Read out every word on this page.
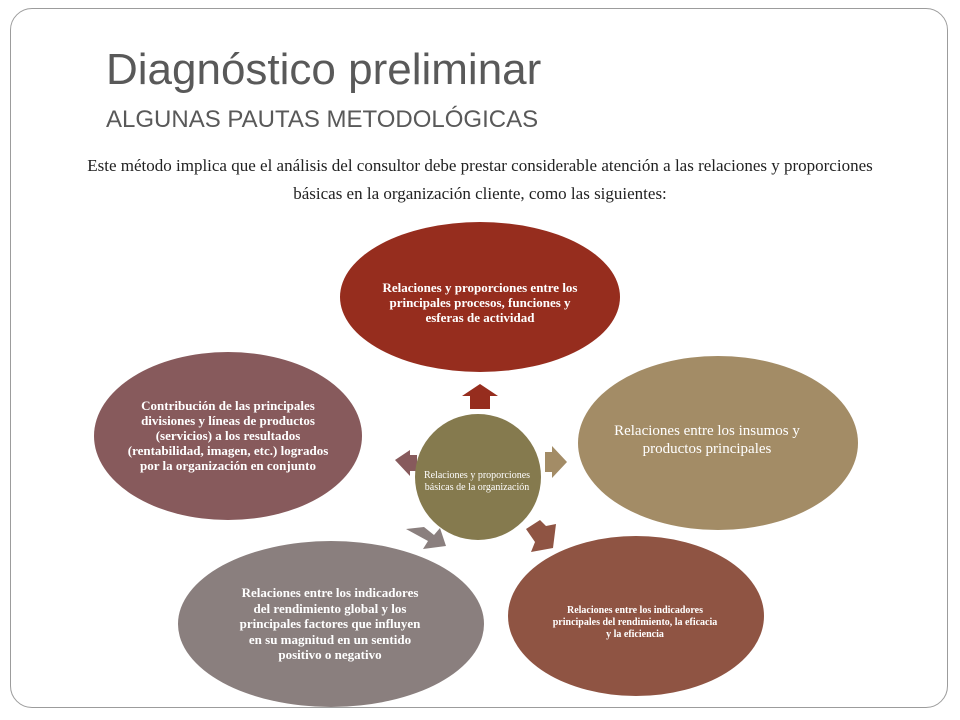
Diagnóstico preliminar
ALGUNAS PAUTAS METODOLÓGICAS
Este método implica que el análisis del consultor debe prestar considerable atención a las relaciones y proporciones básicas en la organización cliente, como las siguientes:
Relaciones y proporciones entre los principales procesos, funciones y esferas de actividad
Relaciones entre los insumos y productos principales
Relaciones entre los indicadores principales del rendimiento, la eficacia y la eficiencia
Relaciones entre los indicadores del rendimiento global y los principales factores que influyen en su magnitud en un sentido positivo o negativo
Contribución de las principales divisiones y líneas de productos (servicios) a los resultados (rentabilidad, imagen, etc.) logrados por la organización en conjunto
Relaciones y proporciones básicas de la organización
